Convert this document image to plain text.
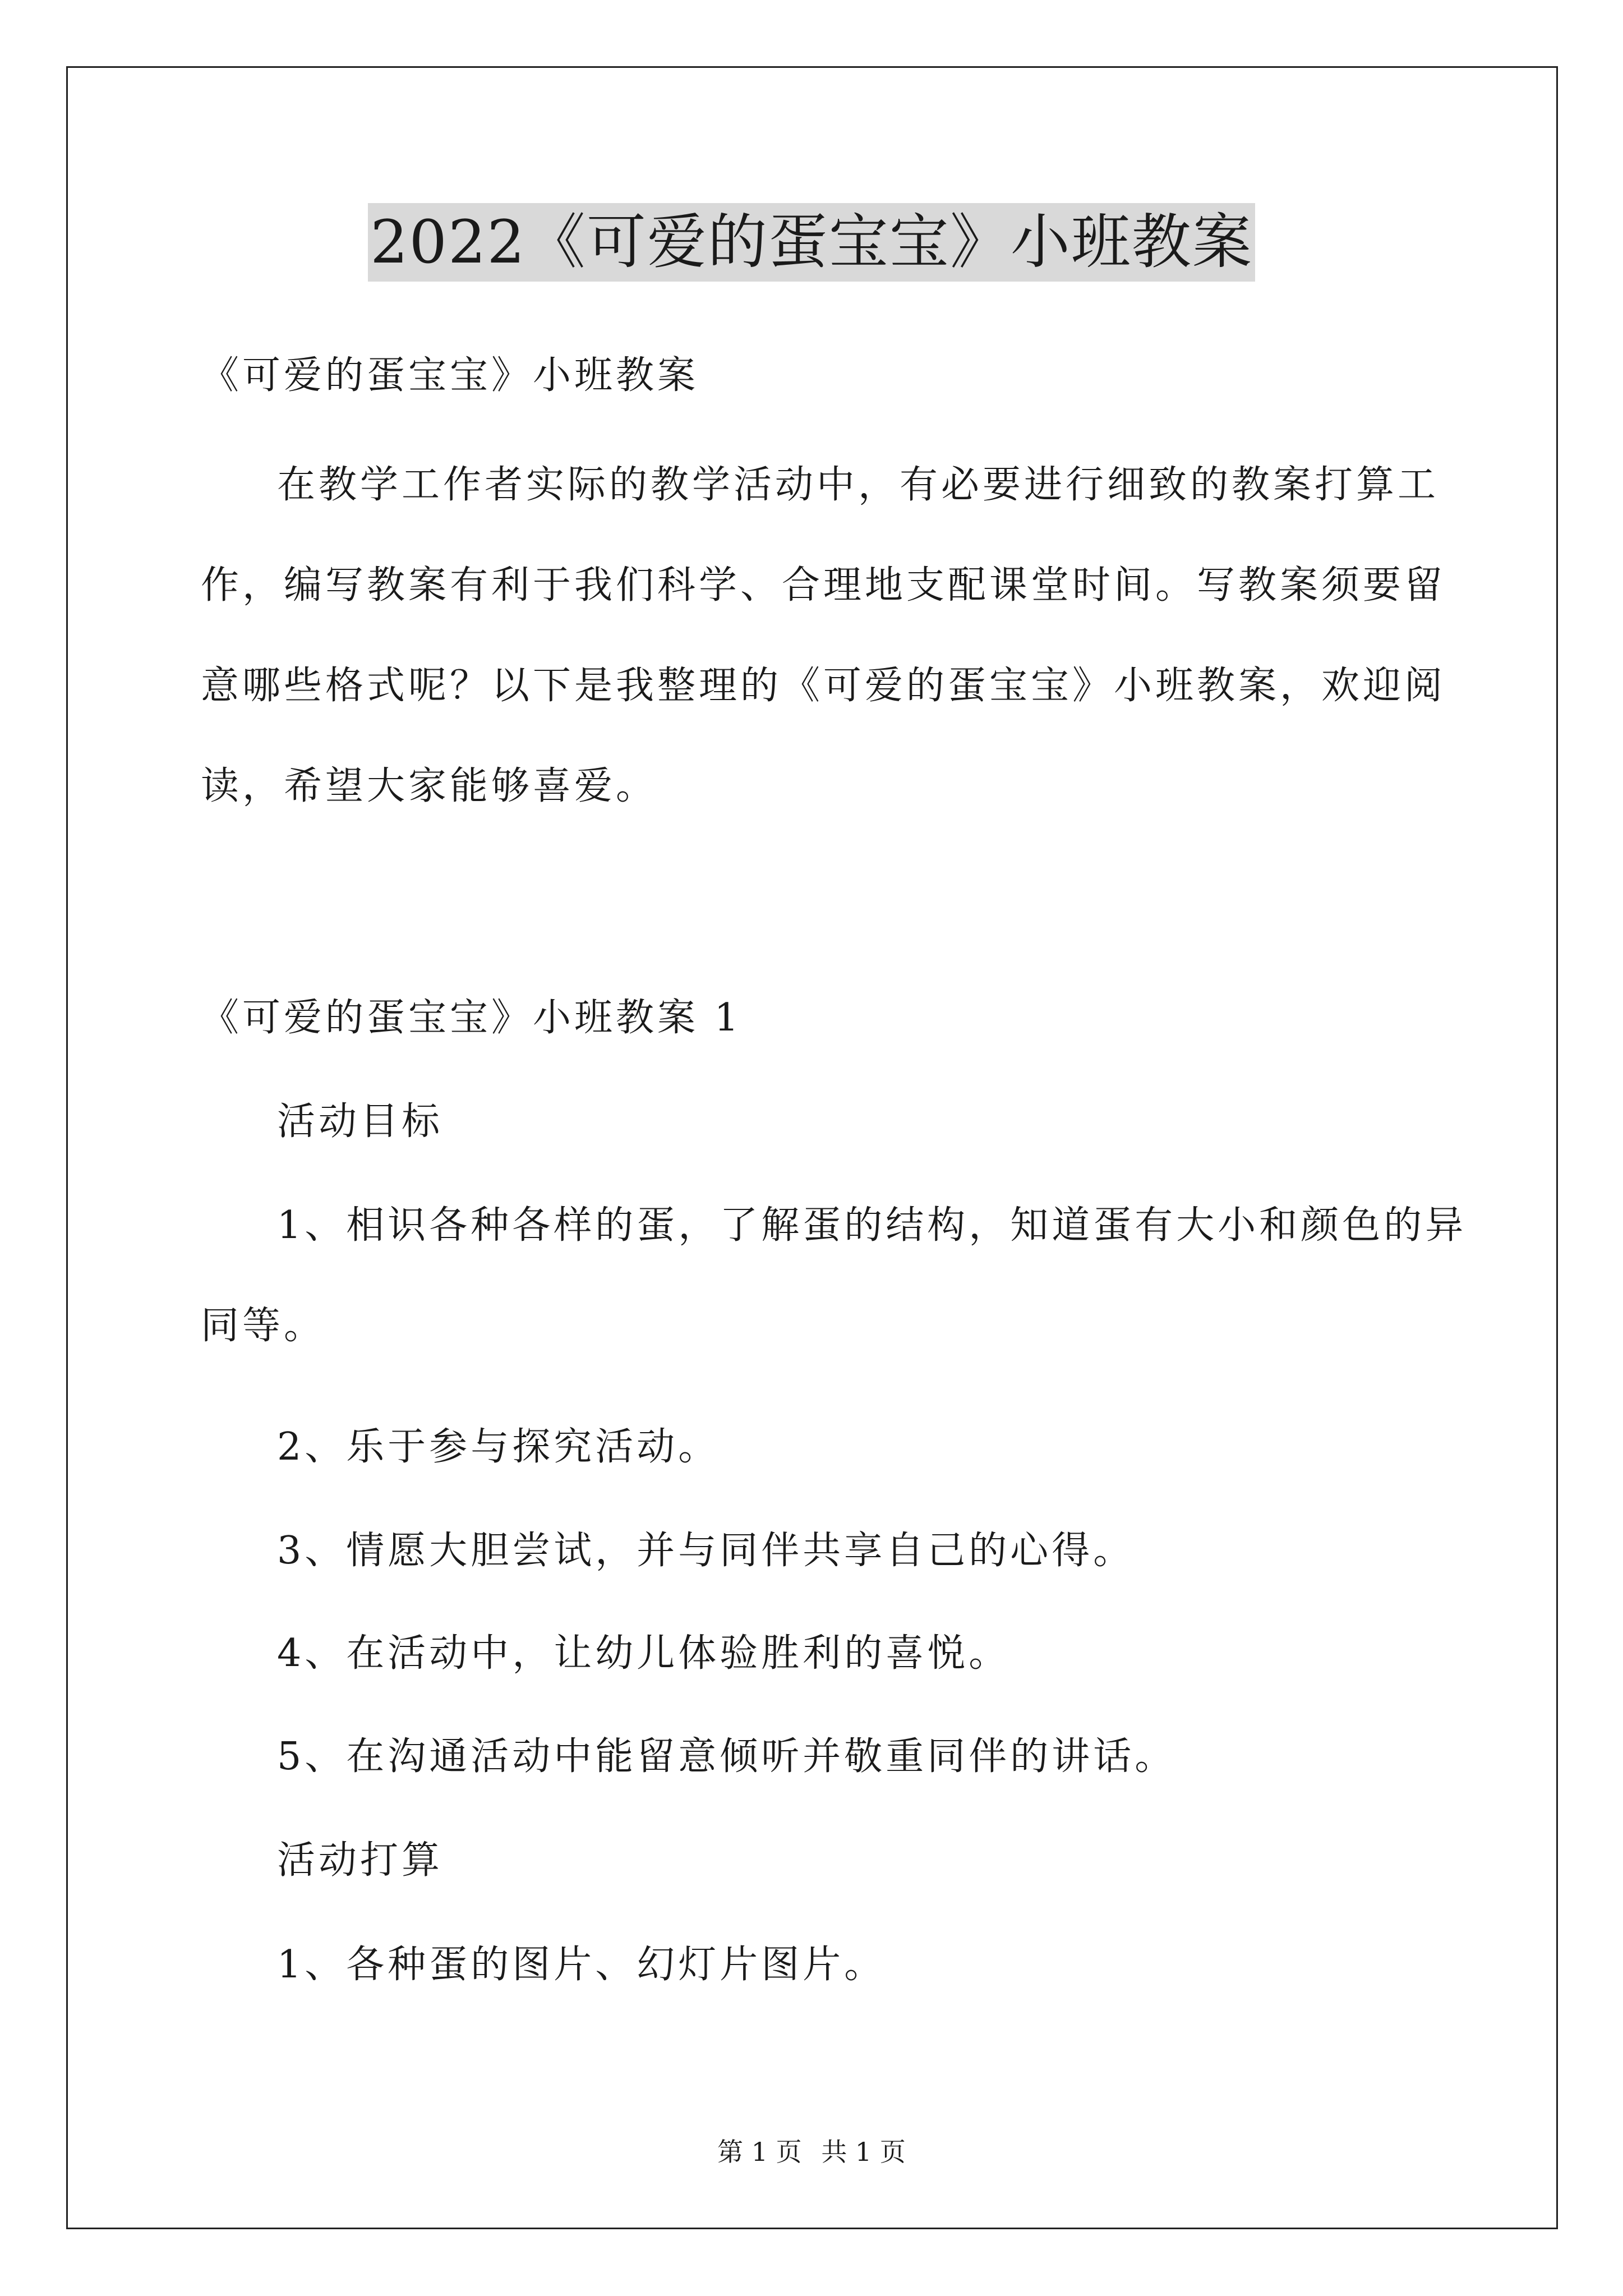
2022《可爱的蛋宝宝》小班教案
《可爱的蛋宝宝》小班教案
在教学工作者实际的教学活动中，有必要进行细致的教案打算工
作，编写教案有利于我们科学、合理地支配课堂时间。写教案须要留
意哪些格式呢？以下是我整理的《可爱的蛋宝宝》小班教案，欢迎阅
读，希望大家能够喜爱。
《可爱的蛋宝宝》小班教案 1
活动目标
1、相识各种各样的蛋，了解蛋的结构，知道蛋有大小和颜色的异
同等。
2、乐于参与探究活动。
3、情愿大胆尝试，并与同伴共享自己的心得。
4、在活动中，让幼儿体验胜利的喜悦。
5、在沟通活动中能留意倾听并敬重同伴的讲话。
活动打算
1、各种蛋的图片、幻灯片图片。
第 1 页 共 1 页
